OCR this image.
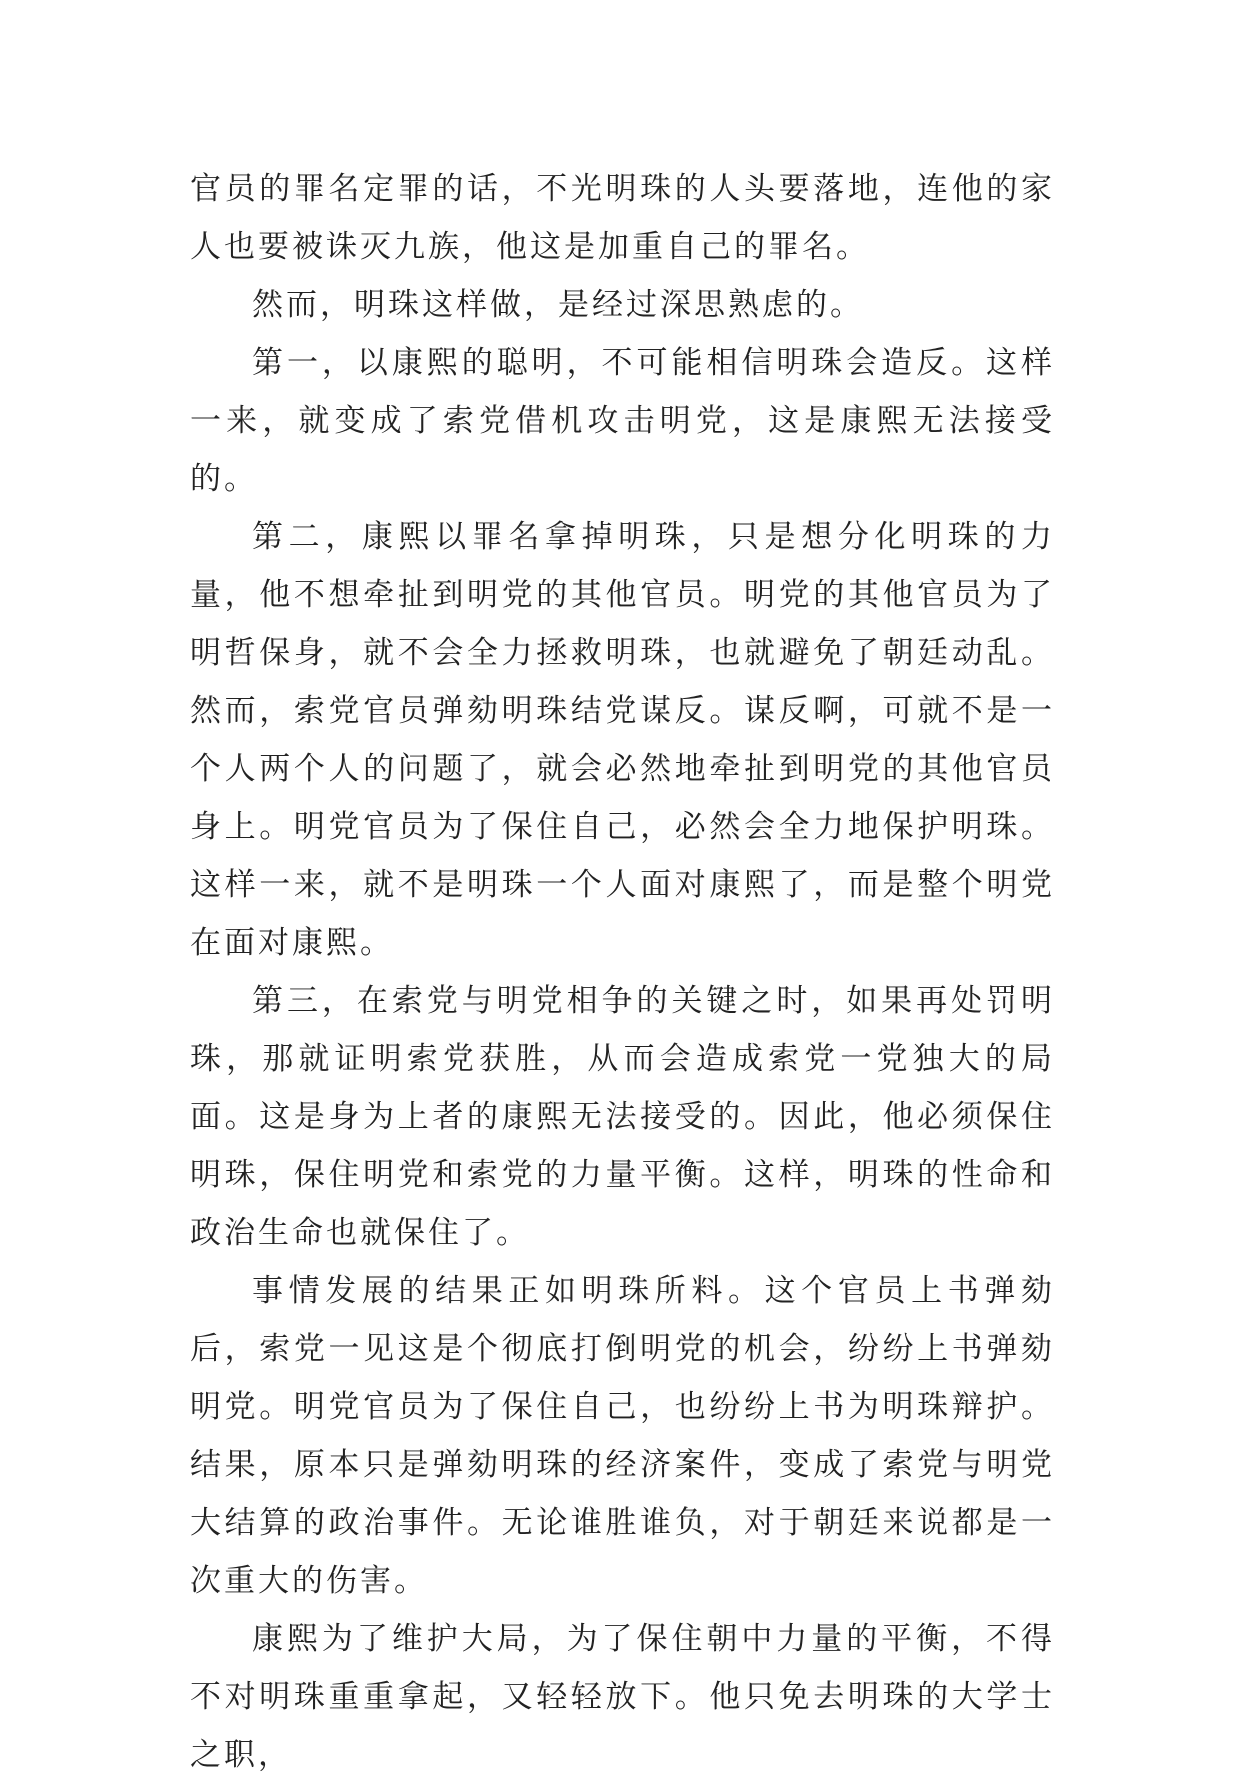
官员的罪名定罪的话，不光明珠的人头要落地，连他的家人也要被诛灭九族，他这是加重自己的罪名。

然而，明珠这样做，是经过深思熟虑的。

第一，以康熙的聪明，不可能相信明珠会造反。这样一来，就变成了索党借机攻击明党，这是康熙无法接受的。

第二，康熙以罪名拿掉明珠，只是想分化明珠的力量，他不想牵扯到明党的其他官员。明党的其他官员为了明哲保身，就不会全力拯救明珠，也就避免了朝廷动乱。然而，索党官员弹劾明珠结党谋反。谋反啊，可就不是一个人两个人的问题了，就会必然地牵扯到明党的其他官员身上。明党官员为了保住自己，必然会全力地保护明珠。这样一来，就不是明珠一个人面对康熙了，而是整个明党在面对康熙。

第三，在索党与明党相争的关键之时，如果再处罚明珠，那就证明索党获胜，从而会造成索党一党独大的局面。这是身为上者的康熙无法接受的。因此，他必须保住明珠，保住明党和索党的力量平衡。这样，明珠的性命和政治生命也就保住了。

事情发展的结果正如明珠所料。这个官员上书弹劾后，索党一见这是个彻底打倒明党的机会，纷纷上书弹劾明党。明党官员为了保住自己，也纷纷上书为明珠辩护。结果，原本只是弹劾明珠的经济案件，变成了索党与明党大结算的政治事件。无论谁胜谁负，对于朝廷来说都是一次重大的伤害。

康熙为了维护大局，为了保住朝中力量的平衡，不得不对明珠重重拿起，又轻轻放下。他只免去明珠的大学士之职，
